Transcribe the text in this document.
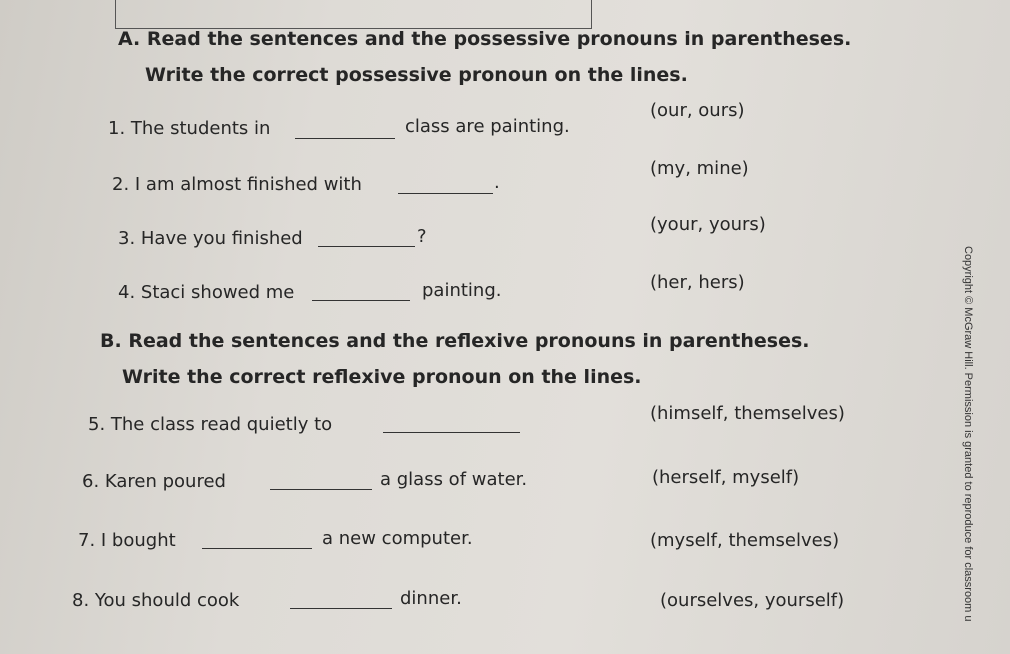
A. Read the sentences and the possessive pronouns in parentheses.
Write the correct possessive pronoun on the lines.
1. The students in	class are painting.
(our, ours)
2. I am almost finished with	.
(my, mine)
3. Have you finished	?
(your, yours)
4. Staci showed me	painting.	(her, hers)
B. Read the sentences and the reflexive pronouns in parentheses.
Write the correct reflexive pronoun on the lines.
5. The class read quietly to
(himself, themselves)
6. Karen poured	a glass of water.	(herself, myself)
7. I bought	a new computer.	(myself, themselves)
8. You should cook	dinner.	(ourselves, yourself)	Copyright © McGraw Hill. Permission is granted to reproduce for classroom u
